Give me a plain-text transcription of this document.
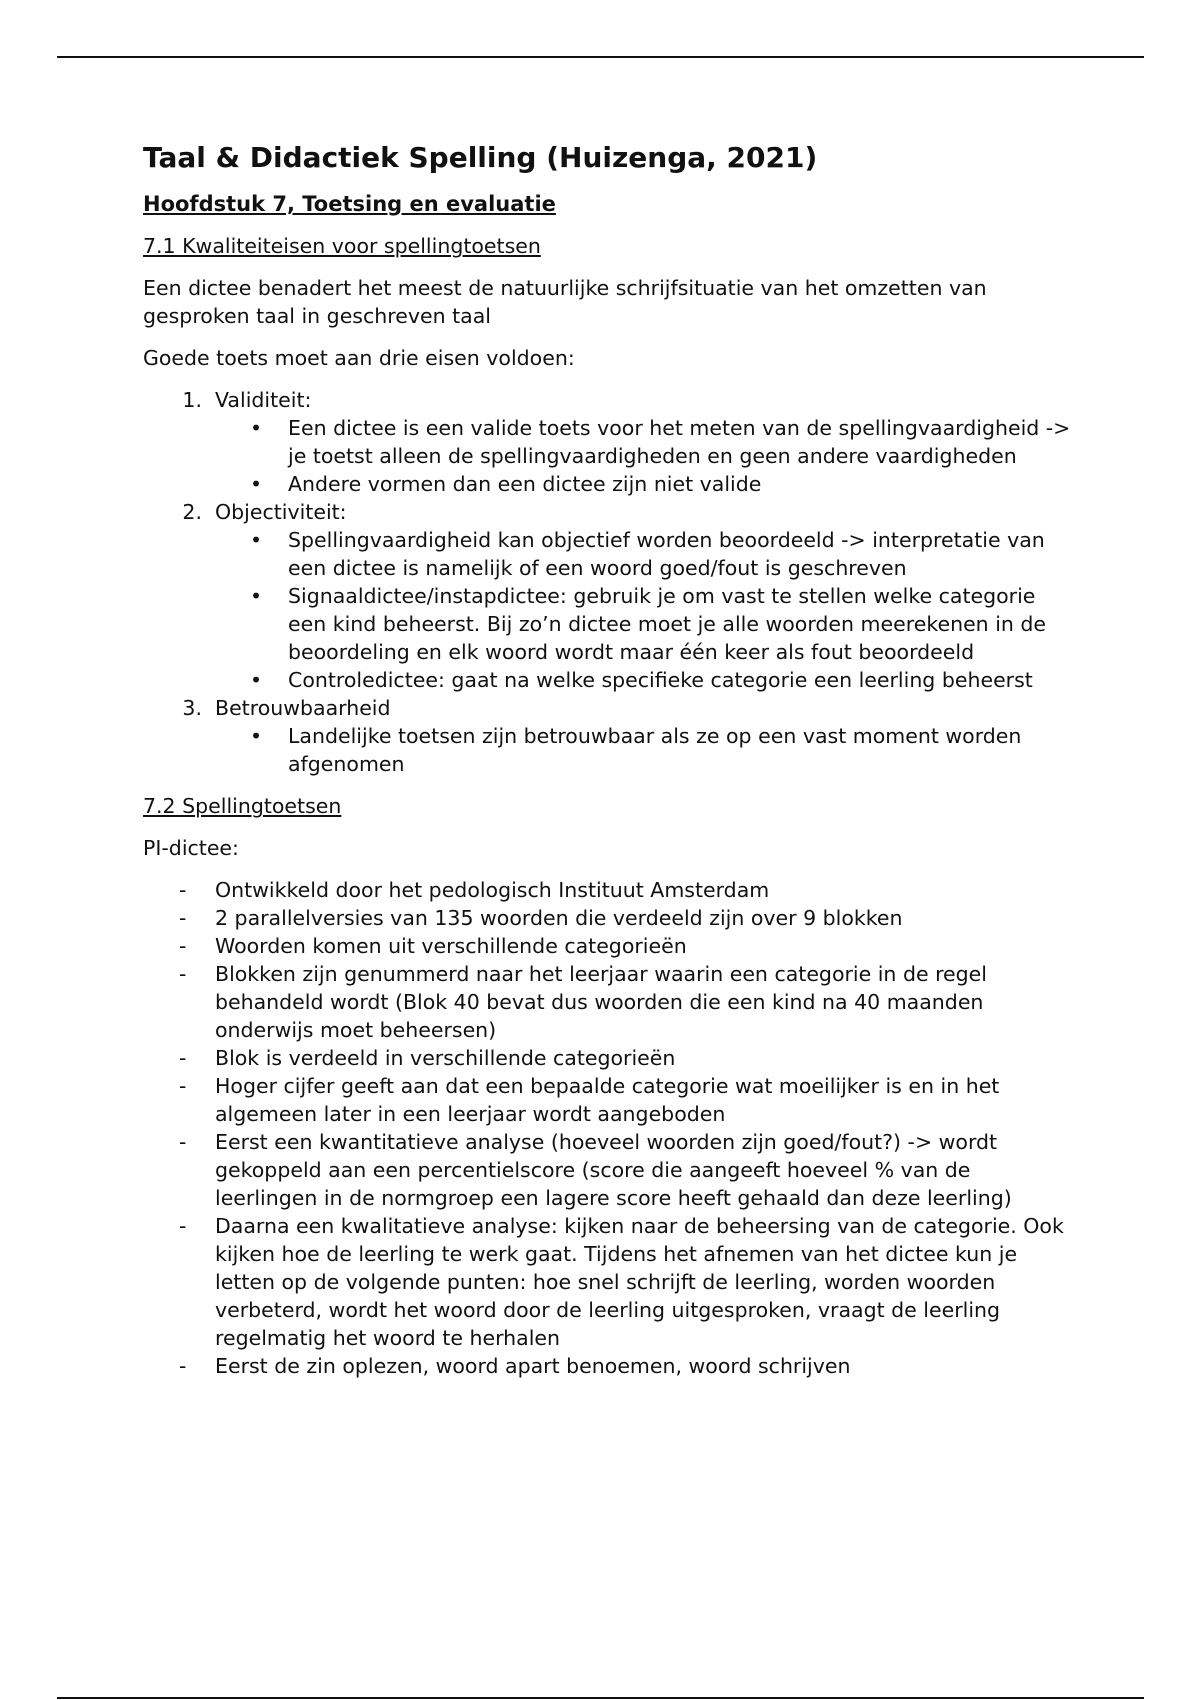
Taal & Didactiek Spelling (Huizenga, 2021)
Hoofdstuk 7, Toetsing en evaluatie
7.1 Kwaliteiteisen voor spellingtoetsen

Een dictee benadert het meest de natuurlijke schrijfsituatie van het omzetten van gesproken taal in geschreven taal

Goede toets moet aan drie eisen voldoen:

1. Validiteit:
• Een dictee is een valide toets voor het meten van de spellingvaardigheid -> je toetst alleen de spellingvaardigheden en geen andere vaardigheden
• Andere vormen dan een dictee zijn niet valide
2. Objectiviteit:
• Spellingvaardigheid kan objectief worden beoordeeld -> interpretatie van een dictee is namelijk of een woord goed/fout is geschreven
• Signaaldictee/instapdictee: gebruik je om vast te stellen welke categorie een kind beheerst. Bij zo’n dictee moet je alle woorden meerekenen in de beoordeling en elk woord wordt maar één keer als fout beoordeeld
• Controledictee: gaat na welke specifieke categorie een leerling beheerst
3. Betrouwbaarheid
• Landelijke toetsen zijn betrouwbaar als ze op een vast moment worden afgenomen
7.2 Spellingtoetsen

PI-dictee:

- Ontwikkeld door het pedologisch Instituut Amsterdam
- 2 parallelversies van 135 woorden die verdeeld zijn over 9 blokken
- Woorden komen uit verschillende categorieën
- Blokken zijn genummerd naar het leerjaar waarin een categorie in de regel behandeld wordt (Blok 40 bevat dus woorden die een kind na 40 maanden onderwijs moet beheersen)
- Blok is verdeeld in verschillende categorieën
- Hoger cijfer geeft aan dat een bepaalde categorie wat moeilijker is en in het algemeen later in een leerjaar wordt aangeboden
- Eerst een kwantitatieve analyse (hoeveel woorden zijn goed/fout?) -> wordt gekoppeld aan een percentielscore (score die aangeeft hoeveel % van de leerlingen in de normgroep een lagere score heeft gehaald dan deze leerling)
- Daarna een kwalitatieve analyse: kijken naar de beheersing van de categorie. Ook kijken hoe de leerling te werk gaat. Tijdens het afnemen van het dictee kun je letten op de volgende punten: hoe snel schrijft de leerling, worden woorden verbeterd, wordt het woord door de leerling uitgesproken, vraagt de leerling regelmatig het woord te herhalen
- Eerst de zin oplezen, woord apart benoemen, woord schrijven
